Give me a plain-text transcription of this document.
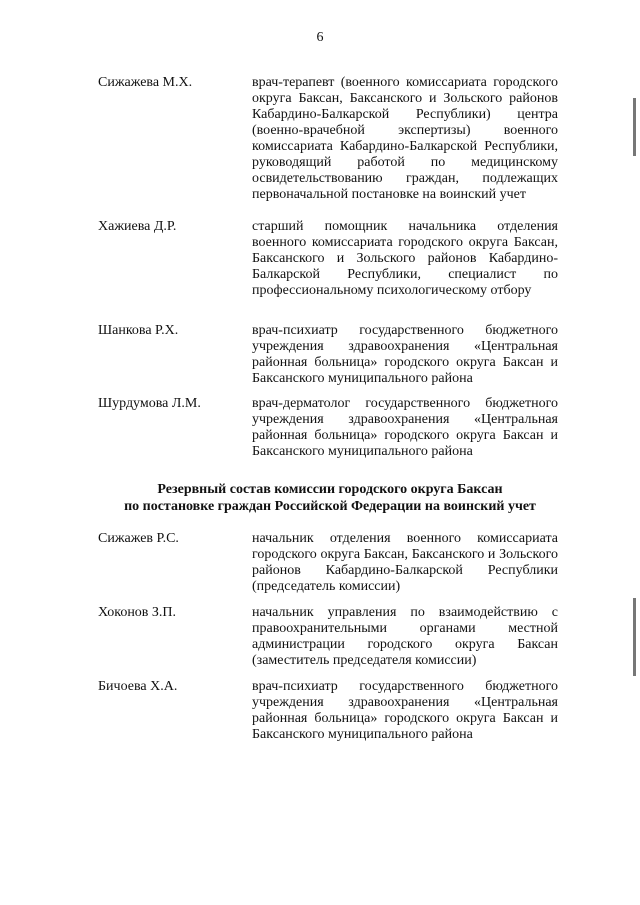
6
Сижажева М.Х.	врач-терапевт (военного комиссариата городского округа Баксан, Баксанского и Зольского районов Кабардино-Балкарской Республики) центра (военно-врачебной экспертизы) военного комиссариата Кабардино-Балкарской Республики, руководящий работой по медицинскому освидетельствованию граждан, подлежащих первоначальной постановке на воинский учет
Хажиева Д.Р.	старший помощник начальника отделения военного комиссариата городского округа Баксан, Баксанского и Зольского районов Кабардино-Балкарской Республики, специалист по профессиональному психологическому отбору
Шанкова Р.Х.	врач-психиатр государственного бюджетного учреждения здравоохранения «Центральная районная больница» городского округа Баксан и Баксанского муниципального района
Шурдумова Л.М.	врач-дерматолог государственного бюджетного учреждения здравоохранения «Центральная районная больница» городского округа Баксан и Баксанского муниципального района
Резервный состав комиссии городского округа Баксан
по постановке граждан Российской Федерации на воинский учет
Сижажев Р.С.	начальник отделения военного комиссариата городского округа Баксан, Баксанского и Зольского районов Кабардино-Балкарской Республики (председатель комиссии)
Хоконов З.П.	начальник управления по взаимодействию с правоохранительными органами местной администрации городского округа Баксан (заместитель председателя комиссии)
Бичоева Х.А.	врач-психиатр государственного бюджетного учреждения здравоохранения «Центральная районная больница» городского округа Баксан и Баксанского муниципального района
